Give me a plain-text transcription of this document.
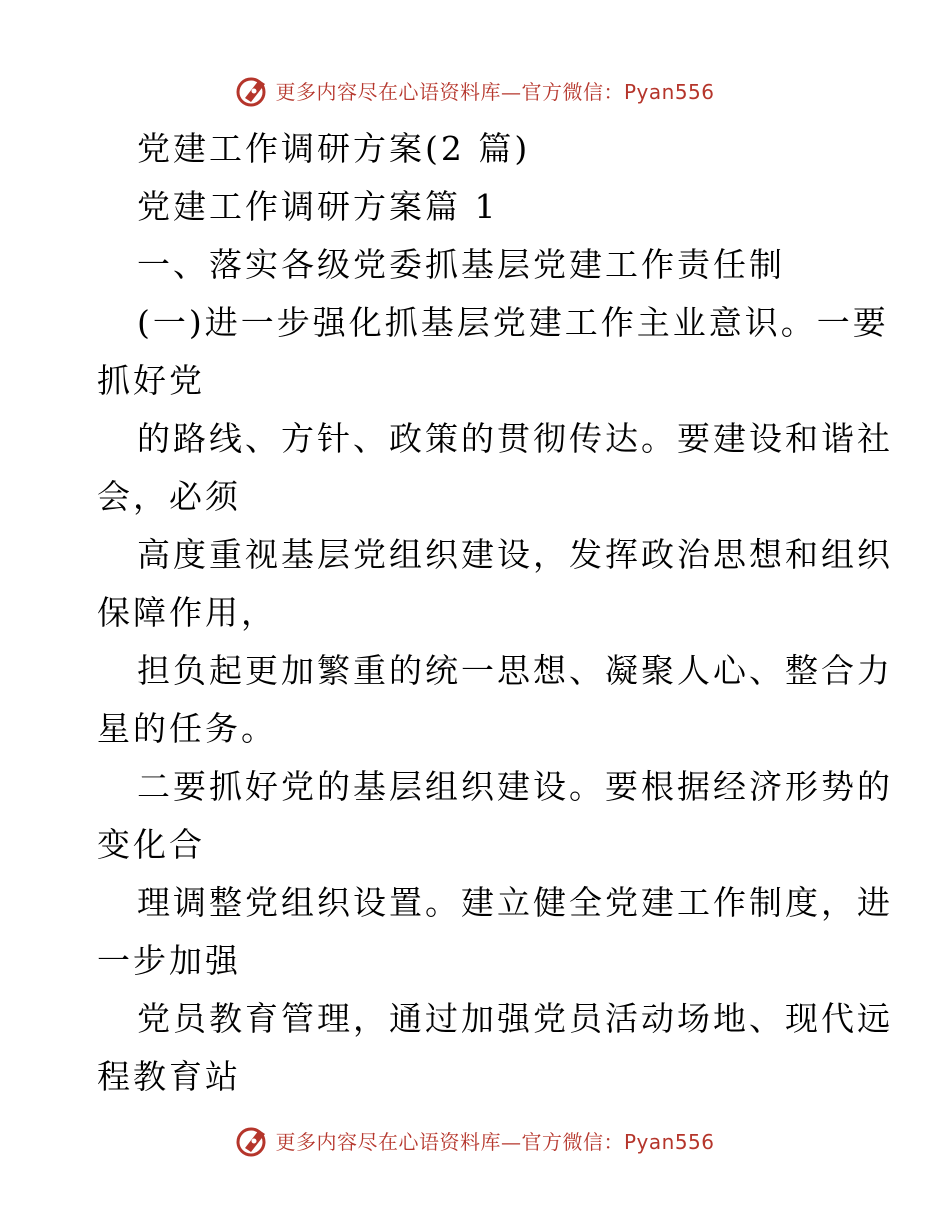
更多内容尽在心语资料库—官方微信：Pyan556
党建工作调研方案(2 篇)
党建工作调研方案篇 1
一、落实各级党委抓基层党建工作责任制
(一)进一步强化抓基层党建工作主业意识。一要
抓好党
的路线、方针、政策的贯彻传达。要建设和谐社
会，必须
高度重视基层党组织建设，发挥政治思想和组织
保障作用，
担负起更加繁重的统一思想、凝聚人心、整合力
星的任务。
二要抓好党的基层组织建设。要根据经济形势的
变化合
理调整党组织设置。建立健全党建工作制度，进
一步加强
党员教育管理，通过加强党员活动场地、现代远
程教育站
更多内容尽在心语资料库—官方微信：Pyan556
